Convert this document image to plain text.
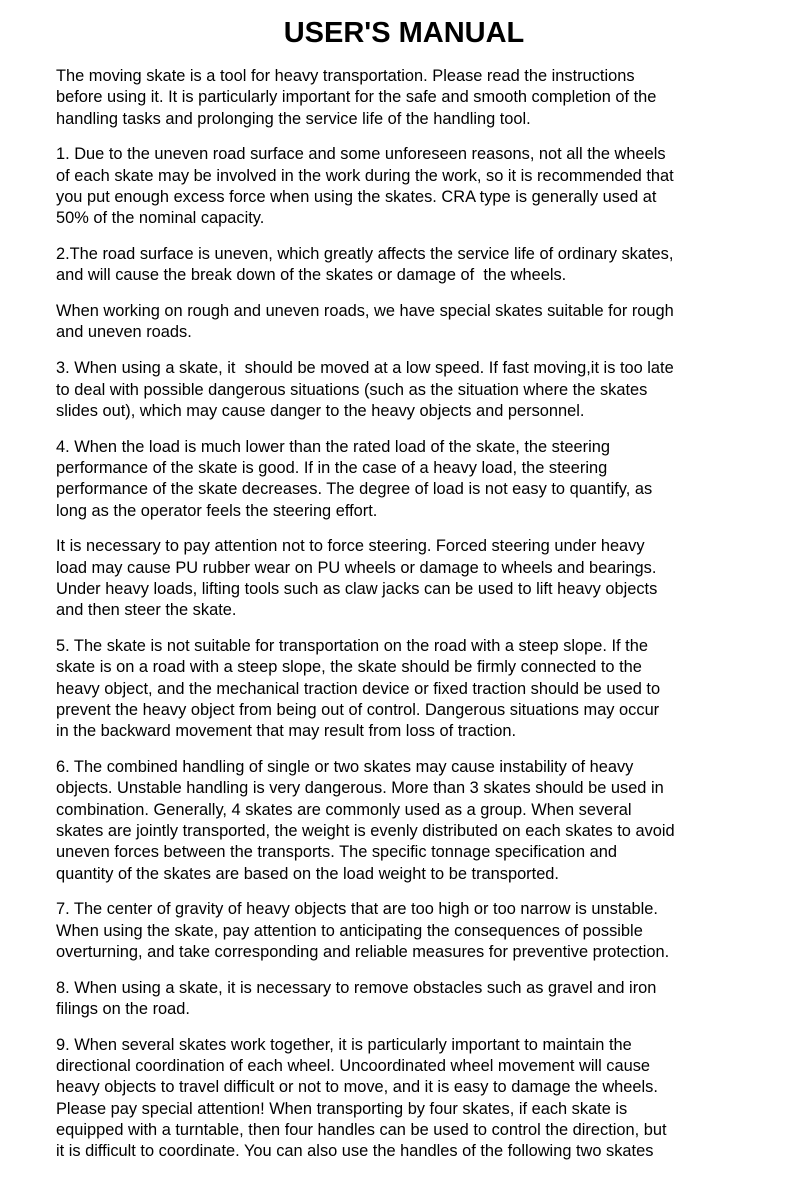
USER'S MANUAL

The moving skate is a tool for heavy transportation. Please read the instructions
before using it. It is particularly important for the safe and smooth completion of the
handling tasks and prolonging the service life of the handling tool.

1. Due to the uneven road surface and some unforeseen reasons, not all the wheels
of each skate may be involved in the work during the work, so it is recommended that
you put enough excess force when using the skates. CRA type is generally used at
50% of the nominal capacity.

2.The road surface is uneven, which greatly affects the service life of ordinary skates,
and will cause the break down of the skates or damage of  the wheels.

When working on rough and uneven roads, we have special skates suitable for rough
and uneven roads.

3. When using a skate, it  should be moved at a low speed. If fast moving,it is too late
to deal with possible dangerous situations (such as the situation where the skates
slides out), which may cause danger to the heavy objects and personnel.

4. When the load is much lower than the rated load of the skate, the steering
performance of the skate is good. If in the case of a heavy load, the steering
performance of the skate decreases. The degree of load is not easy to quantify, as
long as the operator feels the steering effort.

It is necessary to pay attention not to force steering. Forced steering under heavy
load may cause PU rubber wear on PU wheels or damage to wheels and bearings.
Under heavy loads, lifting tools such as claw jacks can be used to lift heavy objects
and then steer the skate.

5. The skate is not suitable for transportation on the road with a steep slope. If the
skate is on a road with a steep slope, the skate should be firmly connected to the
heavy object, and the mechanical traction device or fixed traction should be used to
prevent the heavy object from being out of control. Dangerous situations may occur
in the backward movement that may result from loss of traction.

6. The combined handling of single or two skates may cause instability of heavy
objects. Unstable handling is very dangerous. More than 3 skates should be used in
combination. Generally, 4 skates are commonly used as a group. When several
skates are jointly transported, the weight is evenly distributed on each skates to avoid
uneven forces between the transports. The specific tonnage specification and
quantity of the skates are based on the load weight to be transported.

7. The center of gravity of heavy objects that are too high or too narrow is unstable.
When using the skate, pay attention to anticipating the consequences of possible
overturning, and take corresponding and reliable measures for preventive protection.

8. When using a skate, it is necessary to remove obstacles such as gravel and iron
filings on the road.

9. When several skates work together, it is particularly important to maintain the
directional coordination of each wheel. Uncoordinated wheel movement will cause
heavy objects to travel difficult or not to move, and it is easy to damage the wheels.
Please pay special attention! When transporting by four skates, if each skate is
equipped with a turntable, then four handles can be used to control the direction, but
it is difficult to coordinate. You can also use the handles of the following two skates
